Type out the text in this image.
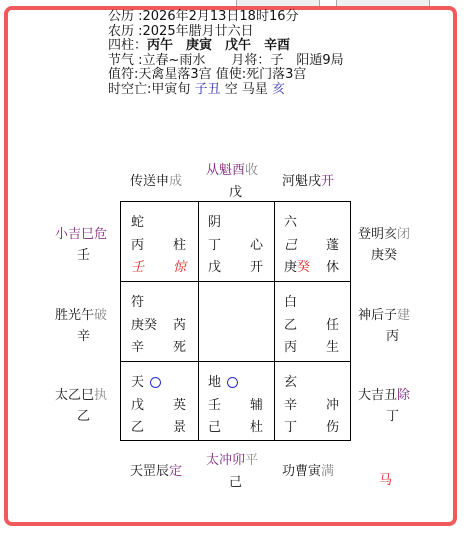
公历 :2026年2月13日18时16分
农历 :2025年腊月廿六日
四柱：丙午　庚寅　戊午　辛酉
节气 :立春~雨水　　月将：子　阳遁9局
值符:天禽星落3宫 值使:死门落3宫
时空亡:甲寅旬 子丑 空 马星 亥
传送申成
从魁酉收
戊
河魁戌开
小吉巳危
壬
胜光午破
辛
太乙巳执
乙
登明亥闭
庚癸
神后子建
丙
大吉丑除
丁
天罡辰定
太冲卯平
己
功曹寅满
马
蛇
丙 柱
壬 惊
阴
丁 心
戊 开
六
己 蓬
庚癸 休
符
庚癸 芮
辛 死
白
乙 任
丙 生
天
戊 英
乙 景
地
壬 辅
己 杜
玄
辛 冲
丁 伤
